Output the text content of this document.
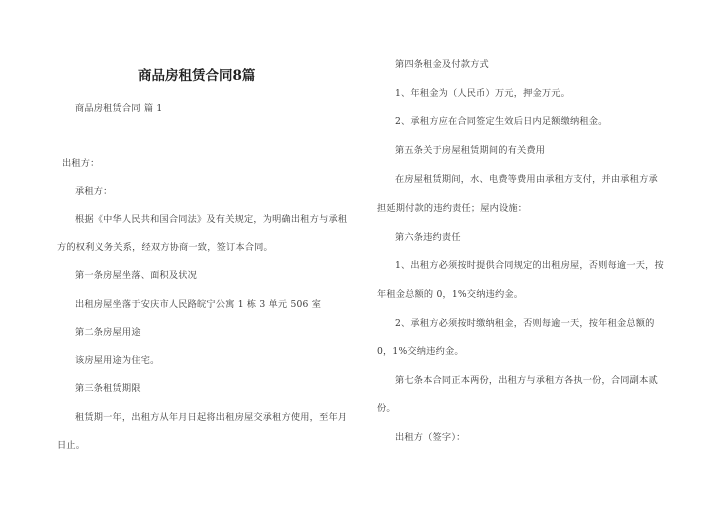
商品房租赁合同8篇

商品房租赁合同 篇 1

出租方：

承租方：

根据《中华人民共和国合同法》及有关规定，为明确出租方与承租

方的权利义务关系，经双方协商一致，签订本合同。

第一条房屋坐落、面积及状况

出租房屋坐落于安庆市人民路皖宁公寓 1 栋 3 单元 506 室

第二条房屋用途

该房屋用途为住宅。

第三条租赁期限

租赁期一年，出租方从年月日起将出租房屋交承租方使用，至年月

日止。

第四条租金及付款方式

1、年租金为（人民币）万元，押金万元。

2、承租方应在合同签定生效后日内足额缴纳租金。

第五条关于房屋租赁期间的有关费用

在房屋租赁期间，水、电费等费用由承租方支付，并由承租方承

担延期付款的违约责任；屋内设施：

第六条违约责任

1、出租方必须按时提供合同规定的出租房屋，否则每逾一天，按

年租金总额的 0，1%交纳违约金。

2、承租方必须按时缴纳租金，否则每逾一天，按年租金总额的

0，1%交纳违约金。

第七条本合同正本两份，出租方与承租方各执一份，合同副本贰

份。

出租方（签字）：
